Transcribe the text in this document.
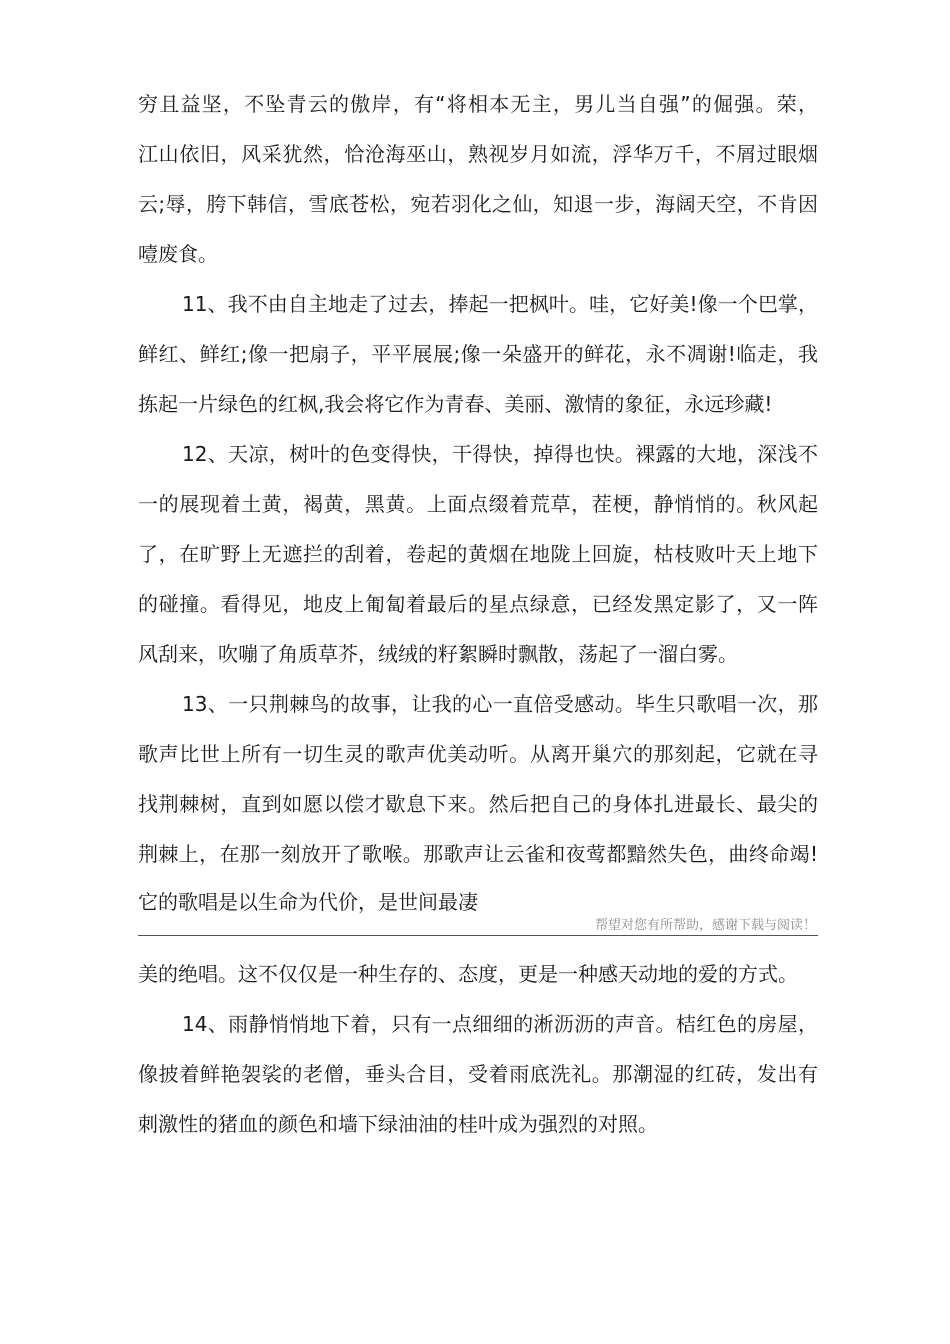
穷且益坚，不坠青云的傲岸，有“将相本无主，男儿当自强”的倔强。荣，
江山依旧，风采犹然，恰沧海巫山，熟视岁月如流，浮华万千，不屑过眼烟
云;辱，胯下韩信，雪底苍松，宛若羽化之仙，知退一步，海阔天空，不肯因
噎废食。
11、我不由自主地走了过去，捧起一把枫叶。哇，它好美!像一个巴掌，
鲜红、鲜红;像一把扇子，平平展展;像一朵盛开的鲜花，永不凋谢!临走，我
拣起一片绿色的红枫,我会将它作为青春、美丽、激情的象征，永远珍藏!
12、天凉，树叶的色变得快，干得快，掉得也快。裸露的大地，深浅不
一的展现着土黄，褐黄，黑黄。上面点缀着荒草，茬梗，静悄悄的。秋风起
了，在旷野上无遮拦的刮着，卷起的黄烟在地陇上回旋，枯枝败叶天上地下
的碰撞。看得见，地皮上匍匐着最后的星点绿意，已经发黑定影了，又一阵
风刮来，吹嘣了角质草芥，绒绒的籽絮瞬时飘散，荡起了一溜白雾。
13、一只荆棘鸟的故事，让我的心一直倍受感动。毕生只歌唱一次，那
歌声比世上所有一切生灵的歌声优美动听。从离开巢穴的那刻起，它就在寻
找荆棘树，直到如愿以偿才歇息下来。然后把自己的身体扎进最长、最尖的
荆棘上，在那一刻放开了歌喉。那歌声让云雀和夜莺都黯然失色，曲终命竭!
它的歌唱是以生命为代价，是世间最凄
帮望对您有所帮助，感谢下载与阅读！
美的绝唱。这不仅仅是一种生存的、态度，更是一种感天动地的爱的方式。
14、雨静悄悄地下着，只有一点细细的淅沥沥的声音。桔红色的房屋，
像披着鲜艳袈裟的老僧，垂头合目，受着雨底洗礼。那潮湿的红砖，发出有
刺激性的猪血的颜色和墙下绿油油的桂叶成为强烈的对照。
